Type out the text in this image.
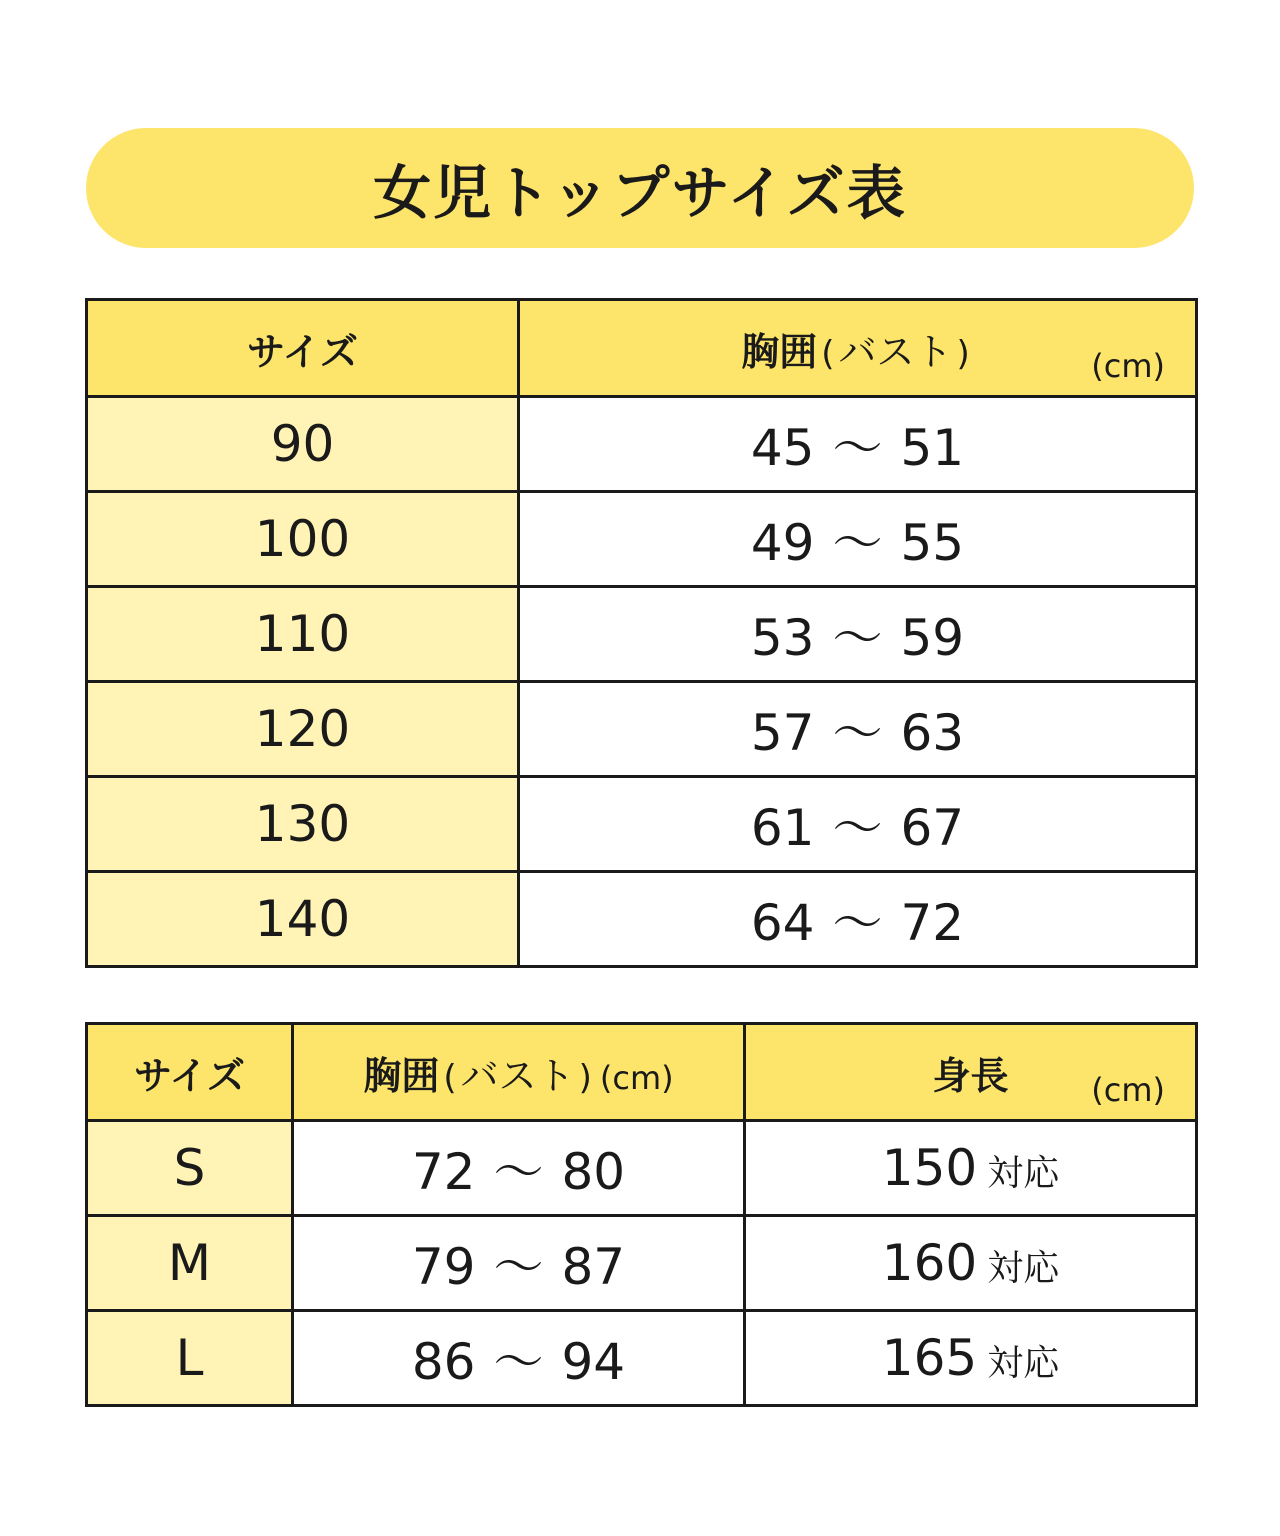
女児トップサイズ表
サイズ	胸囲 ( バスト ) (cm)

90	45 〜 51
100	49 〜 55
110	53 〜 59
120	57 〜 63
130	61 〜 67
140	64 〜 72
サイズ	胸囲 ( バスト ) (cm)	身長 (cm)

S	72 〜 80	150 対応
M	79 〜 87	160 対応
L	86 〜 94	165 対応
